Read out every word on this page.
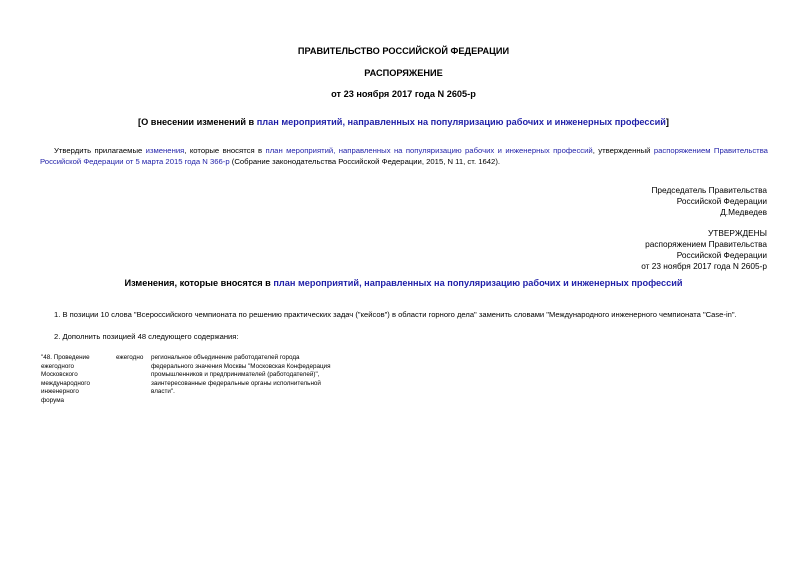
ПРАВИТЕЛЬСТВО РОССИЙСКОЙ ФЕДЕРАЦИИ
РАСПОРЯЖЕНИЕ
от 23 ноября 2017 года N 2605-р
[О внесении изменений в план мероприятий, направленных на популяризацию рабочих и инженерных профессий]
Утвердить прилагаемые изменения, которые вносятся в план мероприятий, направленных на популяризацию рабочих и инженерных профессий, утвержденный распоряжением Правительства Российской Федерации от 5 марта 2015 года N 366-р (Собрание законодательства Российской Федерации, 2015, N 11, ст. 1642).
Председатель Правительства
Российской Федерации
Д.Медведев
УТВЕРЖДЕНЫ
распоряжением Правительства
Российской Федерации
от 23 ноября 2017 года N 2605-р
Изменения, которые вносятся в план мероприятий, направленных на популяризацию рабочих и инженерных профессий
1. В позиции 10 слова "Всероссийского чемпионата по решению практических задач ("кейсов") в области горного дела" заменить словами "Международного инженерного чемпионата "Case-in".
2. Дополнить позицией 48 следующего содержания:
"48. Проведение
ежегодного
Московского
международного
инженерного
форума
ежегодно	региональное объединение работодателей города
федерального значения Москвы "Московская Конфедерация
промышленников и предпринимателей (работодателей)",
заинтересованные федеральные органы исполнительной
власти".
